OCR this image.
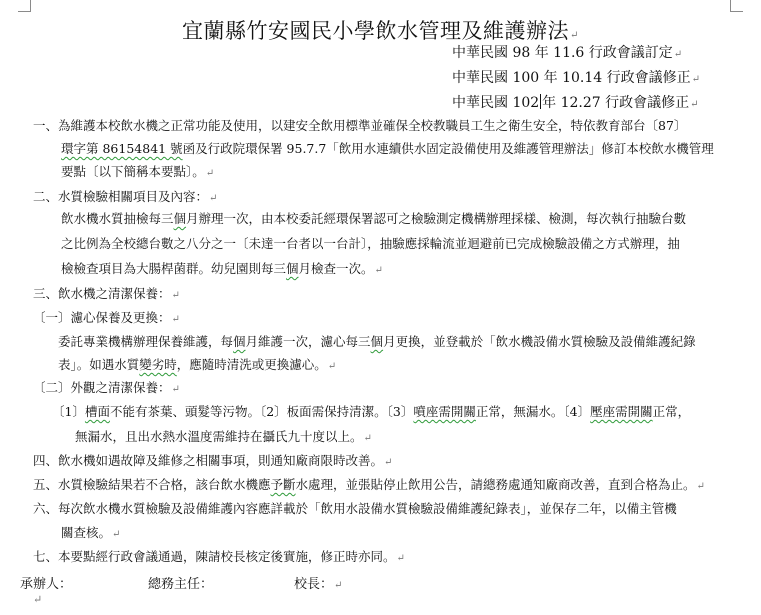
宜蘭縣竹安國民小學飲水管理及維護辦法↵
中華民國 98 年 11.6 行政會議訂定↵
中華民國 100 年 10.14 行政會議修正↵
中華民國 102 年 12.27 行政會議修正↵
一、為維護本校飲水機之正常功能及使用，以建安全飲用標準並確保全校教職員工生之衛生安全，特依教育部台〔87〕
環字第 86154841 號函及行政院環保署 95.7.7「飲用水連續供水固定設備使用及維護管理辦法」修訂本校飲水機管理
要點〔以下簡稱本要點〕。↵
二、水質檢驗相關項目及內容：↵
飲水機水質抽檢每三個月辦理一次，由本校委託經環保署認可之檢驗測定機構辦理採樣、檢測，每次執行抽驗台數
之比例為全校總台數之八分之一〔未達一台者以一台計〕，抽驗應採輪流並迴避前已完成檢驗設備之方式辦理，抽
檢檢查項目為大腸桿菌群。幼兒園則每三個月檢查一次。↵
三、飲水機之清潔保養：↵
〔一〕濾心保養及更換：↵
委託專業機構辦理保養維護，每個月維護一次，濾心每三個月更換，並登載於「飲水機設備水質檢驗及設備維護紀錄
表」。如遇水質變劣時，應隨時清洗或更換濾心。↵
〔二〕外觀之清潔保養：↵
〔1〕槽面不能有茶葉、頭髮等污物。〔2〕板面需保持清潔。〔3〕噴座需開關正常，無漏水。〔4〕壓座需開關正常，
無漏水，且出水熱水溫度需維持在攝氏九十度以上。↵
四、飲水機如遇故障及維修之相關事項，則通知廠商限時改善。↵
五、水質檢驗結果若不合格，該台飲水機應予斷水處理，並張貼停止飲用公告，請總務處通知廠商改善，直到合格為止。↵
六、每次飲水機水質檢驗及設備維護內容應詳載於「飲用水設備水質檢驗設備維護紀錄表」，並保存二年，以備主管機
關查核。↵
七、本要點經行政會議通過，陳請校長核定後實施，修正時亦同。↵
承辦人：	總務主任：	校長：↵
↵
